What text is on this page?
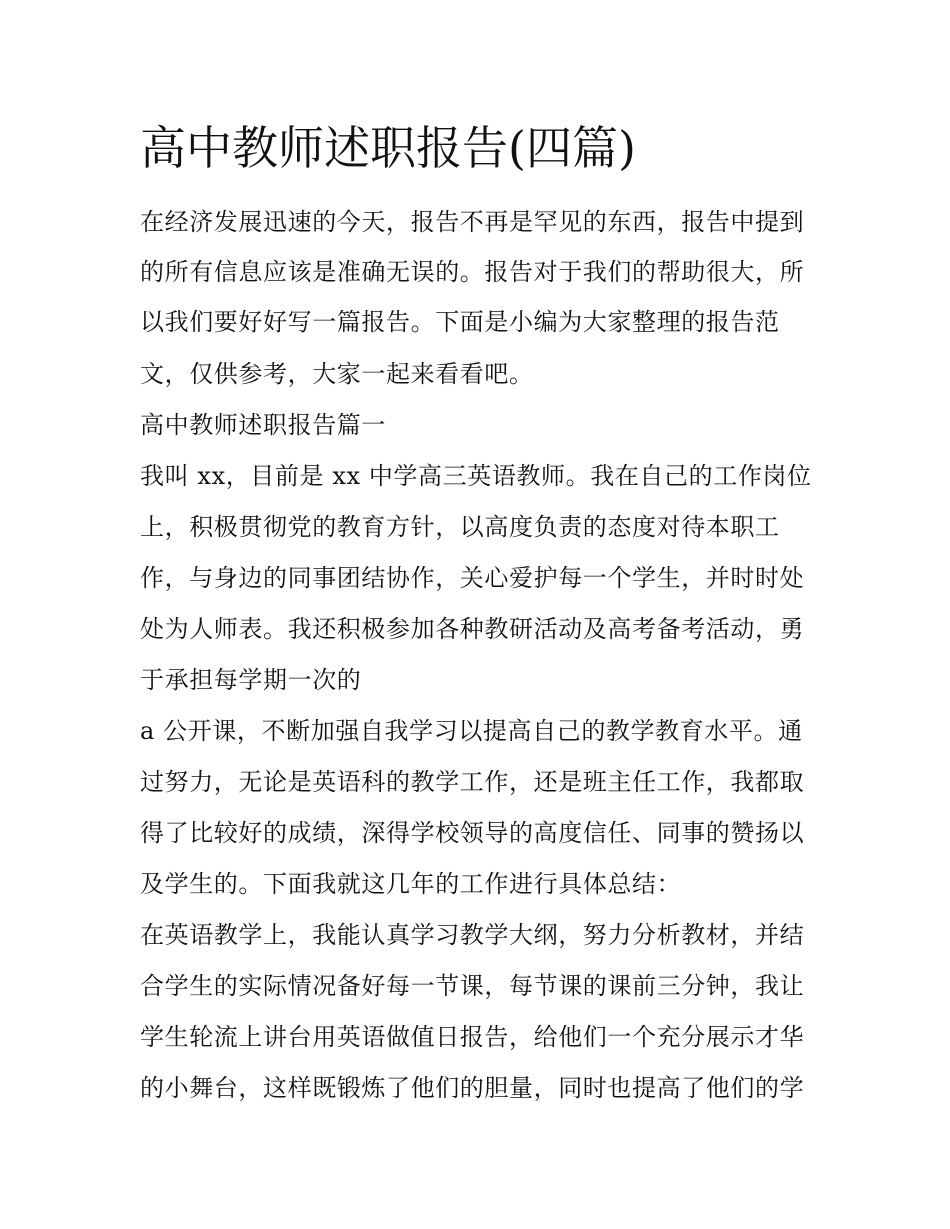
高中教师述职报告(四篇)
在经济发展迅速的今天，报告不再是罕见的东西，报告中提到
的所有信息应该是准确无误的。报告对于我们的帮助很大，所
以我们要好好写一篇报告。下面是小编为大家整理的报告范
文，仅供参考，大家一起来看看吧。
高中教师述职报告篇一
我叫 xx，目前是 xx 中学高三英语教师。我在自己的工作岗位
上，积极贯彻党的教育方针，以高度负责的态度对待本职工
作，与身边的同事团结协作，关心爱护每一个学生，并时时处
处为人师表。我还积极参加各种教研活动及高考备考活动，勇
于承担每学期一次的
a 公开课，不断加强自我学习以提高自己的教学教育水平。通
过努力，无论是英语科的教学工作，还是班主任工作，我都取
得了比较好的成绩，深得学校领导的高度信任、同事的赞扬以
及学生的。下面我就这几年的工作进行具体总结：
在英语教学上，我能认真学习教学大纲，努力分析教材，并结
合学生的实际情况备好每一节课，每节课的课前三分钟，我让
学生轮流上讲台用英语做值日报告，给他们一个充分展示才华
的小舞台，这样既锻炼了他们的胆量，同时也提高了他们的学
